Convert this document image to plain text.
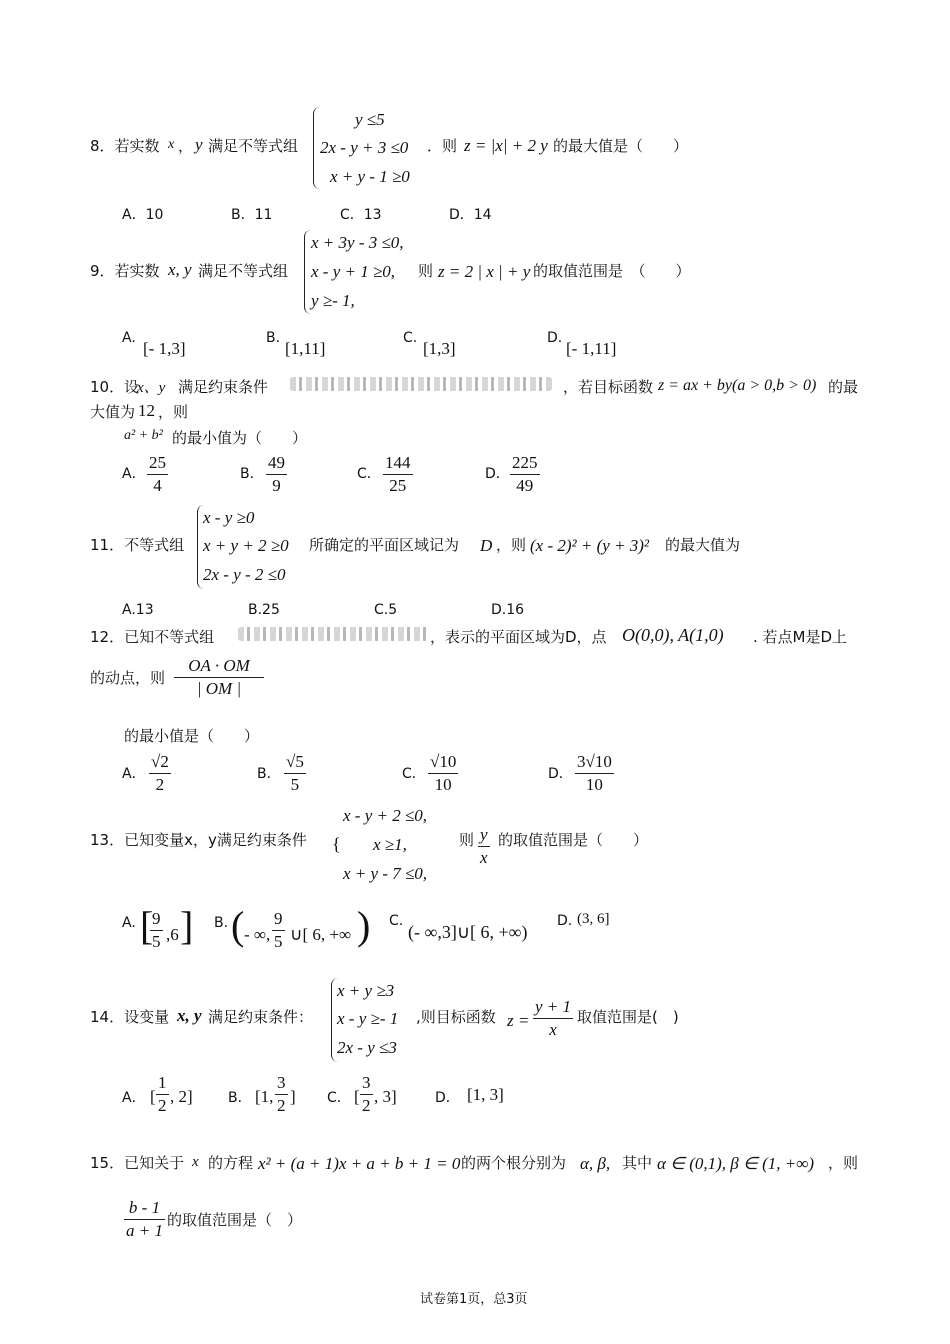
8．若实数 x ， y 满足不等式组
y ≤5
2x - y + 3 ≤0
x + y - 1 ≥0
．则 z = |x| + 2 y 的最大值是（　　）
A．10	B．11	C．13	D．14
9．若实数 x, y 满足不等式组
x + 3y - 3 ≤0,
x - y + 1 ≥0,
y ≥- 1,
则 z = 2 | x | + y 的取值范围是　（　　）
A.
[- 1,3]
B.
[1,11]
C.
[1,3]
D.
[- 1,11]
10．设
x、y 满足约束条件	，若目标函数 z = ax + by(a > 0,b > 0) 的最
大值为 12 ，则
a² + b² 的最小值为（　　）
A．
25
4
B．
49
9
C．
144
25
D．
225
49
11．不等式组
x - y ≥0
x + y + 2 ≥0
2x - y - 2 ≤0
所确定的平面区域记为 D ，则 (x - 2)² + (y + 3)² 的最大值为
A.13	B.25	C.5	D.16
12．已知不等式组	，表示的平面区域为D，点 O(0,0), A(1,0) . 若点M是D上
的动点，则
OA · OM
| OM |
的最小值是（　　）
A．
√2
2
B．
√5
5
C．
√10
10
D．
3√10
10
13．已知变量x，y满足约束条件
x - y + 2 ≤0,
{ x ≥1,
x + y - 7 ≤0,
则 y
x
的取值范围是（　　）
A. [
9
5 ,6 ] B. ( - ∞,
9
5 ∪[ 6, +∞ ) C.
(- ∞,3]∪[ 6, +∞)
D. (3, 6]
14．设变量 x, y 满足约束条件：
x + y ≥3
x - y ≥- 1
2x - y ≤3
,则目标函数 z =
y + 1
x
取值范围是(　)
A． [
1
2 , 2]	B． [1,
3
2 ] C． [
3
2 , 3]	D． [1, 3]
15．已知关于 x 的方程 x² + (a + 1)x + a + b + 1 = 0 的两个根分别为 α, β, 其中 α ∈ (0,1), β ∈ (1, +∞) ，则
b - 1
a + 1
的取值范围是（　）
试卷第1页，总3页
